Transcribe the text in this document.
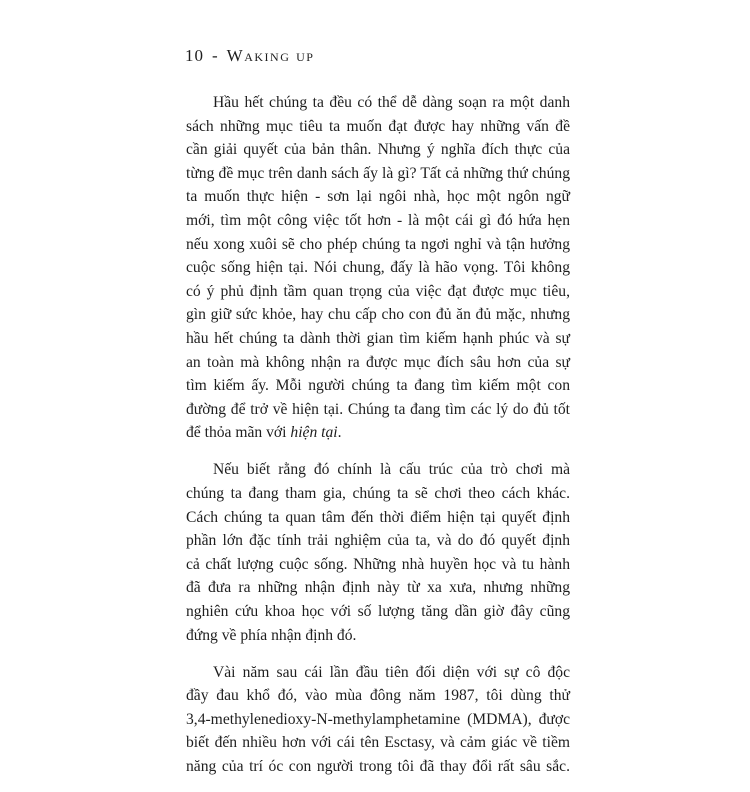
10 - Waking up

Hầu hết chúng ta đều có thể dễ dàng soạn ra một danh
sách những mục tiêu ta muốn đạt được hay những vấn đề
cần giải quyết của bản thân. Nhưng ý nghĩa đích thực của
từng đề mục trên danh sách ấy là gì? Tất cả những thứ chúng
ta muốn thực hiện - sơn lại ngôi nhà, học một ngôn ngữ
mới, tìm một công việc tốt hơn - là một cái gì đó hứa hẹn
nếu xong xuôi sẽ cho phép chúng ta ngơi nghỉ và tận hưởng
cuộc sống hiện tại. Nói chung, đấy là hão vọng. Tôi không
có ý phủ định tầm quan trọng của việc đạt được mục tiêu,
gìn giữ sức khỏe, hay chu cấp cho con đủ ăn đủ mặc, nhưng
hầu hết chúng ta dành thời gian tìm kiếm hạnh phúc và sự
an toàn mà không nhận ra được mục đích sâu hơn của sự
tìm kiếm ấy. Mỗi người chúng ta đang tìm kiếm một con
đường để trở về hiện tại. Chúng ta đang tìm các lý do đủ tốt
để thỏa mãn với hiện tại.

Nếu biết rằng đó chính là cấu trúc của trò chơi mà
chúng ta đang tham gia, chúng ta sẽ chơi theo cách khác.
Cách chúng ta quan tâm đến thời điểm hiện tại quyết định
phần lớn đặc tính trải nghiệm của ta, và do đó quyết định
cả chất lượng cuộc sống. Những nhà huyền học và tu hành
đã đưa ra những nhận định này từ xa xưa, nhưng những
nghiên cứu khoa học với số lượng tăng dần giờ đây cũng
đứng về phía nhận định đó.

Vài năm sau cái lần đầu tiên đối diện với sự cô độc
đầy đau khổ đó, vào mùa đông năm 1987, tôi dùng thử
3,4-methylenedioxy-N-methylamphetamine (MDMA), được
biết đến nhiều hơn với cái tên Esctasy, và cảm giác về tiềm
năng của trí óc con người trong tôi đã thay đổi rất sâu sắc.
